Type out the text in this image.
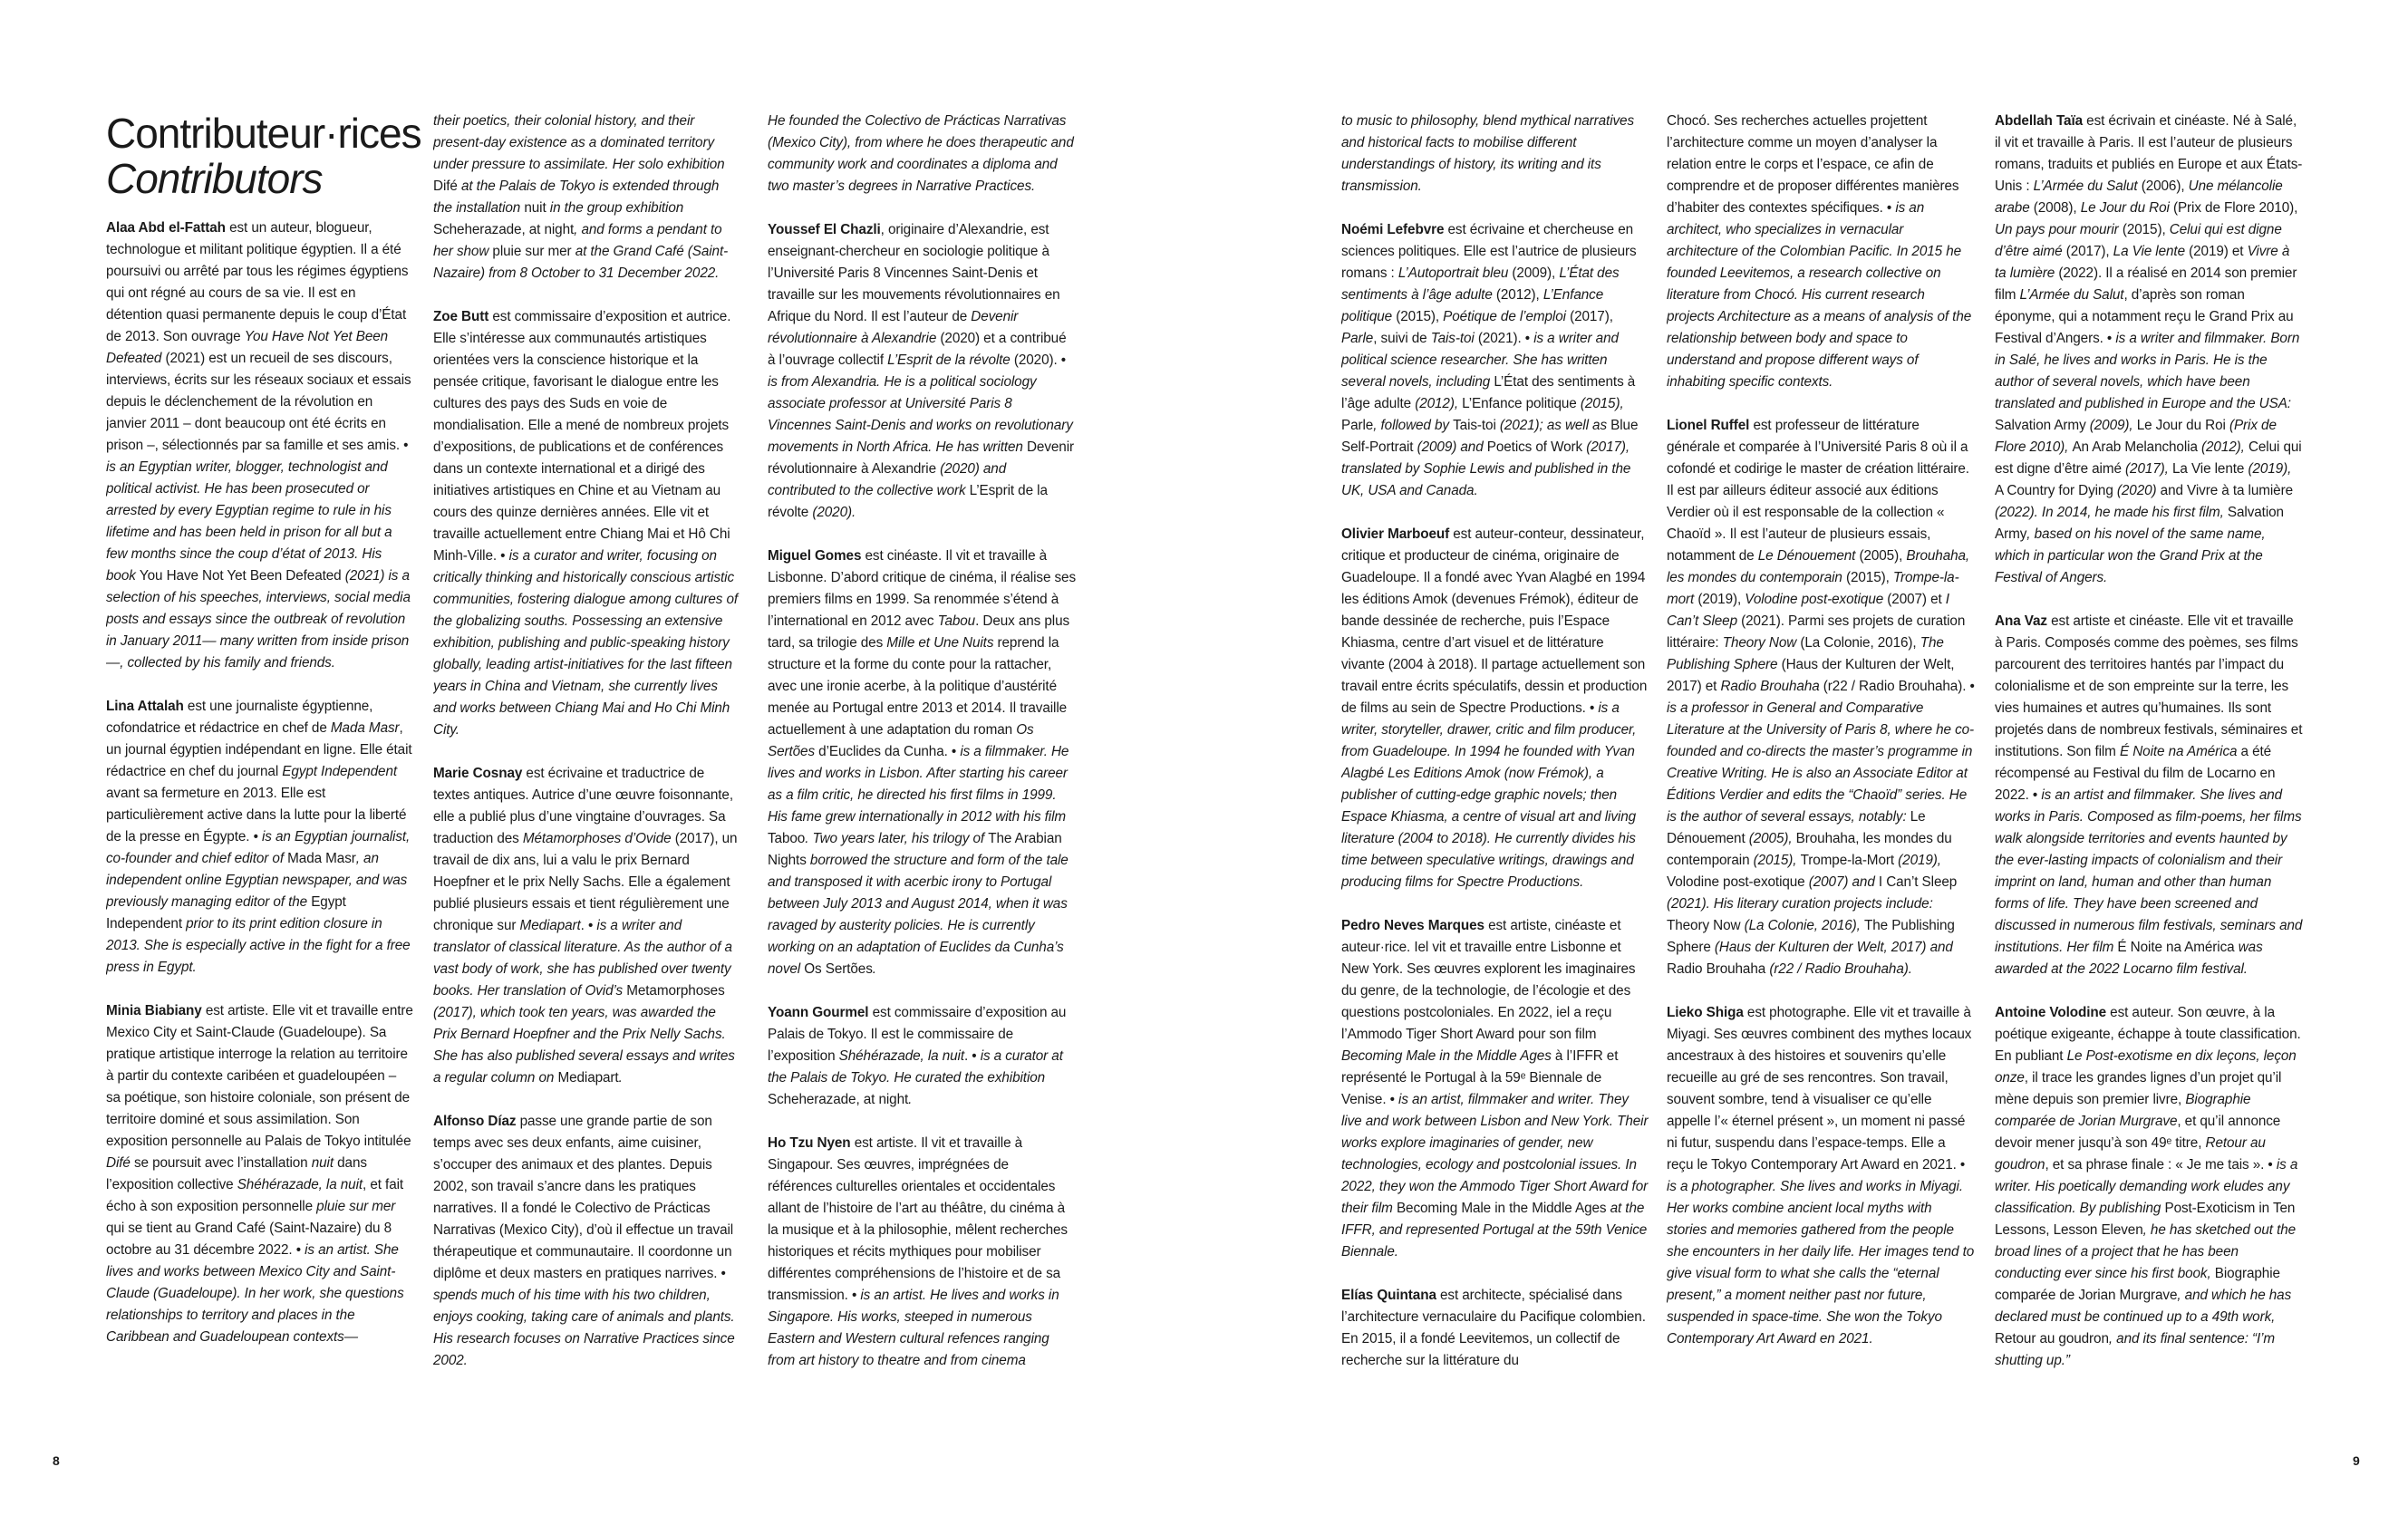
Contributeur·rices
Contributors

Alaa Abd el-Fattah est un auteur, blogueur, technologue et militant politique égyptien. Il a été poursuivi ou arrêté par tous les régimes égyptiens qui ont régné au cours de sa vie. Il est en détention quasi permanente depuis le coup d’État de 2013. Son ouvrage You Have Not Yet Been Defeated (2021) est un recueil de ses discours, interviews, écrits sur les réseaux sociaux et essais depuis le déclenchement de la révolution en janvier 2011 – dont beaucoup ont été écrits en prison –, sélectionnés par sa famille et ses amis. • is an Egyptian writer, blogger, technologist and political activist. He has been prosecuted or arrested by every Egyptian regime to rule in his lifetime and has been held in prison for all but a few months since the coup d’état of 2013. His book You Have Not Yet Been Defeated (2021) is a selection of his speeches, interviews, social media posts and essays since the outbreak of revolution in January 2011— many written from inside prison—, collected by his family and friends.

Lina Attalah est une journaliste égyptienne, cofondatrice et rédactrice en chef de Mada Masr, un journal égyptien indépendant en ligne. Elle était rédactrice en chef du journal Egypt Independent avant sa fermeture en 2013. Elle est particulièrement active dans la lutte pour la liberté de la presse en Égypte. • is an Egyptian journalist, co-founder and chief editor of Mada Masr, an independent online Egyptian newspaper, and was previously managing editor of the Egypt Independent prior to its print edition closure in 2013. She is especially active in the fight for a free press in Egypt.

Minia Biabiany est artiste. Elle vit et travaille entre Mexico City et Saint-Claude (Guadeloupe). Sa pratique artistique interroge la relation au territoire à partir du contexte caribéen et guadeloupéen – sa poétique, son histoire coloniale, son présent de territoire dominé et sous assimilation. Son exposition personnelle au Palais de Tokyo intitulée Difé se poursuit avec l’installation nuit dans l’exposition collective Shéhérazade, la nuit, et fait écho à son exposition personnelle pluie sur mer qui se tient au Grand Café (Saint-Nazaire) du 8 octobre au 31 décembre 2022. • is an artist. She lives and works between Mexico City and Saint-Claude (Guadeloupe). In her work, she questions relationships to territory and places in the Caribbean and Guadeloupean contexts—

their poetics, their colonial history, and their present-day existence as a dominated territory under pressure to assimilate. Her solo exhibition Difé at the Palais de Tokyo is extended through the installation nuit in the group exhibition Scheherazade, at night, and forms a pendant to her show pluie sur mer at the Grand Café (Saint-Nazaire) from 8 October to 31 December 2022.

Zoe Butt est commissaire d’exposition et autrice. Elle s’intéresse aux communautés artistiques orientées vers la conscience historique et la pensée critique, favorisant le dialogue entre les cultures des pays des Suds en voie de mondialisation. Elle a mené de nombreux projets d’expositions, de publications et de conférences dans un contexte international et a dirigé des initiatives artistiques en Chine et au Vietnam au cours des quinze dernières années. Elle vit et travaille actuellement entre Chiang Mai et Hô Chi Minh-Ville. • is a curator and writer, focusing on critically thinking and historically conscious artistic communities, fostering dialogue among cultures of the globalizing souths. Possessing an extensive exhibition, publishing and public-speaking history globally, leading artist-initiatives for the last fifteen years in China and Vietnam, she currently lives and works between Chiang Mai and Ho Chi Minh City.

Marie Cosnay est écrivaine et traductrice de textes antiques. Autrice d’une œuvre foisonnante, elle a publié plus d’une vingtaine d’ouvrages. Sa traduction des Métamorphoses d’Ovide (2017), un travail de dix ans, lui a valu le prix Bernard Hoepfner et le prix Nelly Sachs. Elle a également publié plusieurs essais et tient régulièrement une chronique sur Mediapart. • is a writer and translator of classical literature. As the author of a vast body of work, she has published over twenty books. Her translation of Ovid’s Metamorphoses (2017), which took ten years, was awarded the Prix Bernard Hoepfner and the Prix Nelly Sachs. She has also published several essays and writes a regular column on Mediapart.

Alfonso Díaz passe une grande partie de son temps avec ses deux enfants, aime cuisiner, s’occuper des animaux et des plantes. Depuis 2002, son travail s’ancre dans les pratiques narratives. Il a fondé le Colectivo de Prácticas Narrativas (Mexico City), d’où il effectue un travail thérapeutique et communautaire. Il coordonne un diplôme et deux masters en pratiques narrives. • spends much of his time with his two children, enjoys cooking, taking care of animals and plants. His research focuses on Narrative Practices since 2002.

He founded the Colectivo de Prácticas Narrativas (Mexico City), from where he does therapeutic and community work and coordinates a diploma and two master’s degrees in Narrative Practices.

Youssef El Chazli, originaire d’Alexandrie, est enseignant-chercheur en sociologie politique à l’Université Paris 8 Vincennes Saint-Denis et travaille sur les mouvements révolutionnaires en Afrique du Nord. Il est l’auteur de Devenir révolutionnaire à Alexandrie (2020) et a contribué à l’ouvrage collectif L’Esprit de la révolte (2020). • is from Alexandria. He is a political sociology associate professor at Université Paris 8 Vincennes Saint-Denis and works on revolutionary movements in North Africa. He has written Devenir révolutionnaire à Alexandrie (2020) and contributed to the collective work L’Esprit de la révolte (2020).

Miguel Gomes est cinéaste. Il vit et travaille à Lisbonne. D’abord critique de cinéma, il réalise ses premiers films en 1999. Sa renommée s’étend à l’international en 2012 avec Tabou. Deux ans plus tard, sa trilogie des Mille et Une Nuits reprend la structure et la forme du conte pour la rattacher, avec une ironie acerbe, à la politique d’austérité menée au Portugal entre 2013 et 2014. Il travaille actuellement à une adaptation du roman Os Sertões d’Euclides da Cunha. • is a filmmaker. He lives and works in Lisbon. After starting his career as a film critic, he directed his first films in 1999. His fame grew internationally in 2012 with his film Taboo. Two years later, his trilogy of The Arabian Nights borrowed the structure and form of the tale and transposed it with acerbic irony to Portugal between July 2013 and August 2014, when it was ravaged by austerity policies. He is currently working on an adaptation of Euclides da Cunha’s novel Os Sertões.

Yoann Gourmel est commissaire d’exposition au Palais de Tokyo. Il est le commissaire de l’exposition Shéhérazade, la nuit. • is a curator at the Palais de Tokyo. He curated the exhibition Scheherazade, at night.

Ho Tzu Nyen est artiste. Il vit et travaille à Singapour. Ses œuvres, imprégnées de références culturelles orientales et occidentales allant de l’histoire de l’art au théâtre, du cinéma à la musique et à la philosophie, mêlent recherches historiques et récits mythiques pour mobiliser différentes compréhensions de l’histoire et de sa transmission. • is an artist. He lives and works in Singapore. His works, steeped in numerous Eastern and Western cultural refences ranging from art history to theatre and from cinema

8

to music to philosophy, blend mythical narratives and historical facts to mobilise different understandings of history, its writing and its transmission.

Noémi Lefebvre est écrivaine et chercheuse en sciences politiques. Elle est l’autrice de plusieurs romans : L’Autoportrait bleu (2009), L’État des sentiments à l’âge adulte (2012), L’Enfance politique (2015), Poétique de l’emploi (2017), Parle, suivi de Tais-toi (2021). • is a writer and political science researcher. She has written several novels, including L’État des sentiments à l’âge adulte (2012), L’Enfance politique (2015), Parle, followed by Tais-toi (2021); as well as Blue Self-Portrait (2009) and Poetics of Work (2017), translated by Sophie Lewis and published in the UK, USA and Canada.

Olivier Marboeuf est auteur-conteur, dessinateur, critique et producteur de cinéma, originaire de Guadeloupe. Il a fondé avec Yvan Alagbé en 1994 les éditions Amok (devenues Frémok), éditeur de bande dessinée de recherche, puis l’Espace Khiasma, centre d’art visuel et de littérature vivante (2004 à 2018). Il partage actuellement son travail entre écrits spéculatifs, dessin et production de films au sein de Spectre Productions. • is a writer, storyteller, drawer, critic and film producer, from Guadeloupe. In 1994 he founded with Yvan Alagbé Les Editions Amok (now Frémok), a publisher of cutting-edge graphic novels; then Espace Khiasma, a centre of visual art and living literature (2004 to 2018). He currently divides his time between speculative writings, drawings and producing films for Spectre Productions.

Pedro Neves Marques est artiste, cinéaste et auteur·rice. Iel vit et travaille entre Lisbonne et New York. Ses œuvres explorent les imaginaires du genre, de la technologie, de l’écologie et des questions postcoloniales. En 2022, iel a reçu l’Ammodo Tiger Short Award pour son film Becoming Male in the Middle Ages à l’IFFR et représenté le Portugal à la 59ᵉ Biennale de Venise. • is an artist, filmmaker and writer. They live and work between Lisbon and New York. Their works explore imaginaries of gender, new technologies, ecology and postcolonial issues. In 2022, they won the Ammodo Tiger Short Award for their film Becoming Male in the Middle Ages at the IFFR, and represented Portugal at the 59th Venice Biennale.

Elías Quintana est architecte, spécialisé dans l’architecture vernaculaire du Pacifique colombien. En 2015, il a fondé Leevitemos, un collectif de recherche sur la littérature du

Chocó. Ses recherches actuelles projettent l’architecture comme un moyen d’analyser la relation entre le corps et l’espace, ce afin de comprendre et de proposer différentes manières d’habiter des contextes spécifiques. • is an architect, who specializes in vernacular architecture of the Colombian Pacific. In 2015 he founded Leevitemos, a research collective on literature from Chocó. His current research projects Architecture as a means of analysis of the relationship between body and space to understand and propose different ways of inhabiting specific contexts.

Lionel Ruffel est professeur de littérature générale et comparée à l’Université Paris 8 où il a cofondé et codirige le master de création littéraire. Il est par ailleurs éditeur associé aux éditions Verdier où il est responsable de la collection « Chaoïd ». Il est l’auteur de plusieurs essais, notamment de Le Dénouement (2005), Brouhaha, les mondes du contemporain (2015), Trompe-la-mort (2019), Volodine post-exotique (2007) et I Can’t Sleep (2021). Parmi ses projets de curation littéraire: Theory Now (La Colonie, 2016), The Publishing Sphere (Haus der Kulturen der Welt, 2017) et Radio Brouhaha (r22 / Radio Brouhaha). • is a professor in General and Comparative Literature at the University of Paris 8, where he co-founded and co-directs the master’s programme in Creative Writing. He is also an Associate Editor at Éditions Verdier and edits the “Chaoïd” series. He is the author of several essays, notably: Le Dénouement (2005), Brouhaha, les mondes du contemporain (2015), Trompe-la-Mort (2019), Volodine post-exotique (2007) and I Can’t Sleep (2021). His literary curation projects include: Theory Now (La Colonie, 2016), The Publishing Sphere (Haus der Kulturen der Welt, 2017) and Radio Brouhaha (r22 / Radio Brouhaha).

Lieko Shiga est photographe. Elle vit et travaille à Miyagi. Ses œuvres combinent des mythes locaux ancestraux à des histoires et souvenirs qu’elle recueille au gré de ses rencontres. Son travail, souvent sombre, tend à visualiser ce qu’elle appelle l’« éternel présent », un moment ni passé ni futur, suspendu dans l’espace-temps. Elle a reçu le Tokyo Contemporary Art Award en 2021. • is a photographer. She lives and works in Miyagi. Her works combine ancient local myths with stories and memories gathered from the people she encounters in her daily life. Her images tend to give visual form to what she calls the “eternal present,” a moment neither past nor future, suspended in space-time. She won the Tokyo Contemporary Art Award en 2021.

Abdellah Taïa est écrivain et cinéaste. Né à Salé, il vit et travaille à Paris. Il est l’auteur de plusieurs romans, traduits et publiés en Europe et aux États-Unis : L’Armée du Salut (2006), Une mélancolie arabe (2008), Le Jour du Roi (Prix de Flore 2010), Un pays pour mourir (2015), Celui qui est digne d’être aimé (2017), La Vie lente (2019) et Vivre à ta lumière (2022). Il a réalisé en 2014 son premier film L’Armée du Salut, d’après son roman éponyme, qui a notamment reçu le Grand Prix au Festival d’Angers. • is a writer and filmmaker. Born in Salé, he lives and works in Paris. He is the author of several novels, which have been translated and published in Europe and the USA: Salvation Army (2009), Le Jour du Roi (Prix de Flore 2010), An Arab Melancholia (2012), Celui qui est digne d’être aimé (2017), La Vie lente (2019), A Country for Dying (2020) and Vivre à ta lumière (2022). In 2014, he made his first film, Salvation Army, based on his novel of the same name, which in particular won the Grand Prix at the Festival of Angers.

Ana Vaz est artiste et cinéaste. Elle vit et travaille à Paris. Composés comme des poèmes, ses films parcourent des territoires hantés par l’impact du colonialisme et de son empreinte sur la terre, les vies humaines et autres qu’humaines. Ils sont projetés dans de nombreux festivals, séminaires et institutions. Son film É Noite na América a été récompensé au Festival du film de Locarno en 2022. • is an artist and filmmaker. She lives and works in Paris. Composed as film-poems, her films walk alongside territories and events haunted by the ever-lasting impacts of colonialism and their imprint on land, human and other than human forms of life. They have been screened and discussed in numerous film festivals, seminars and institutions. Her film É Noite na América was awarded at the 2022 Locarno film festival.

Antoine Volodine est auteur. Son œuvre, à la poétique exigeante, échappe à toute classification. En publiant Le Post-exotisme en dix leçons, leçon onze, il trace les grandes lignes d’un projet qu’il mène depuis son premier livre, Biographie comparée de Jorian Murgrave, et qu’il annonce devoir mener jusqu’à son 49ᵉ titre, Retour au goudron, et sa phrase finale : « Je me tais ». • is a writer. His poetically demanding work eludes any classification. By publishing Post-Exoticism in Ten Lessons, Lesson Eleven, he has sketched out the broad lines of a project that he has been conducting ever since his first book, Biographie comparée de Jorian Murgrave, and which he has declared must be continued up to a 49th work, Retour au goudron, and its final sentence: “I’m shutting up.”

9
